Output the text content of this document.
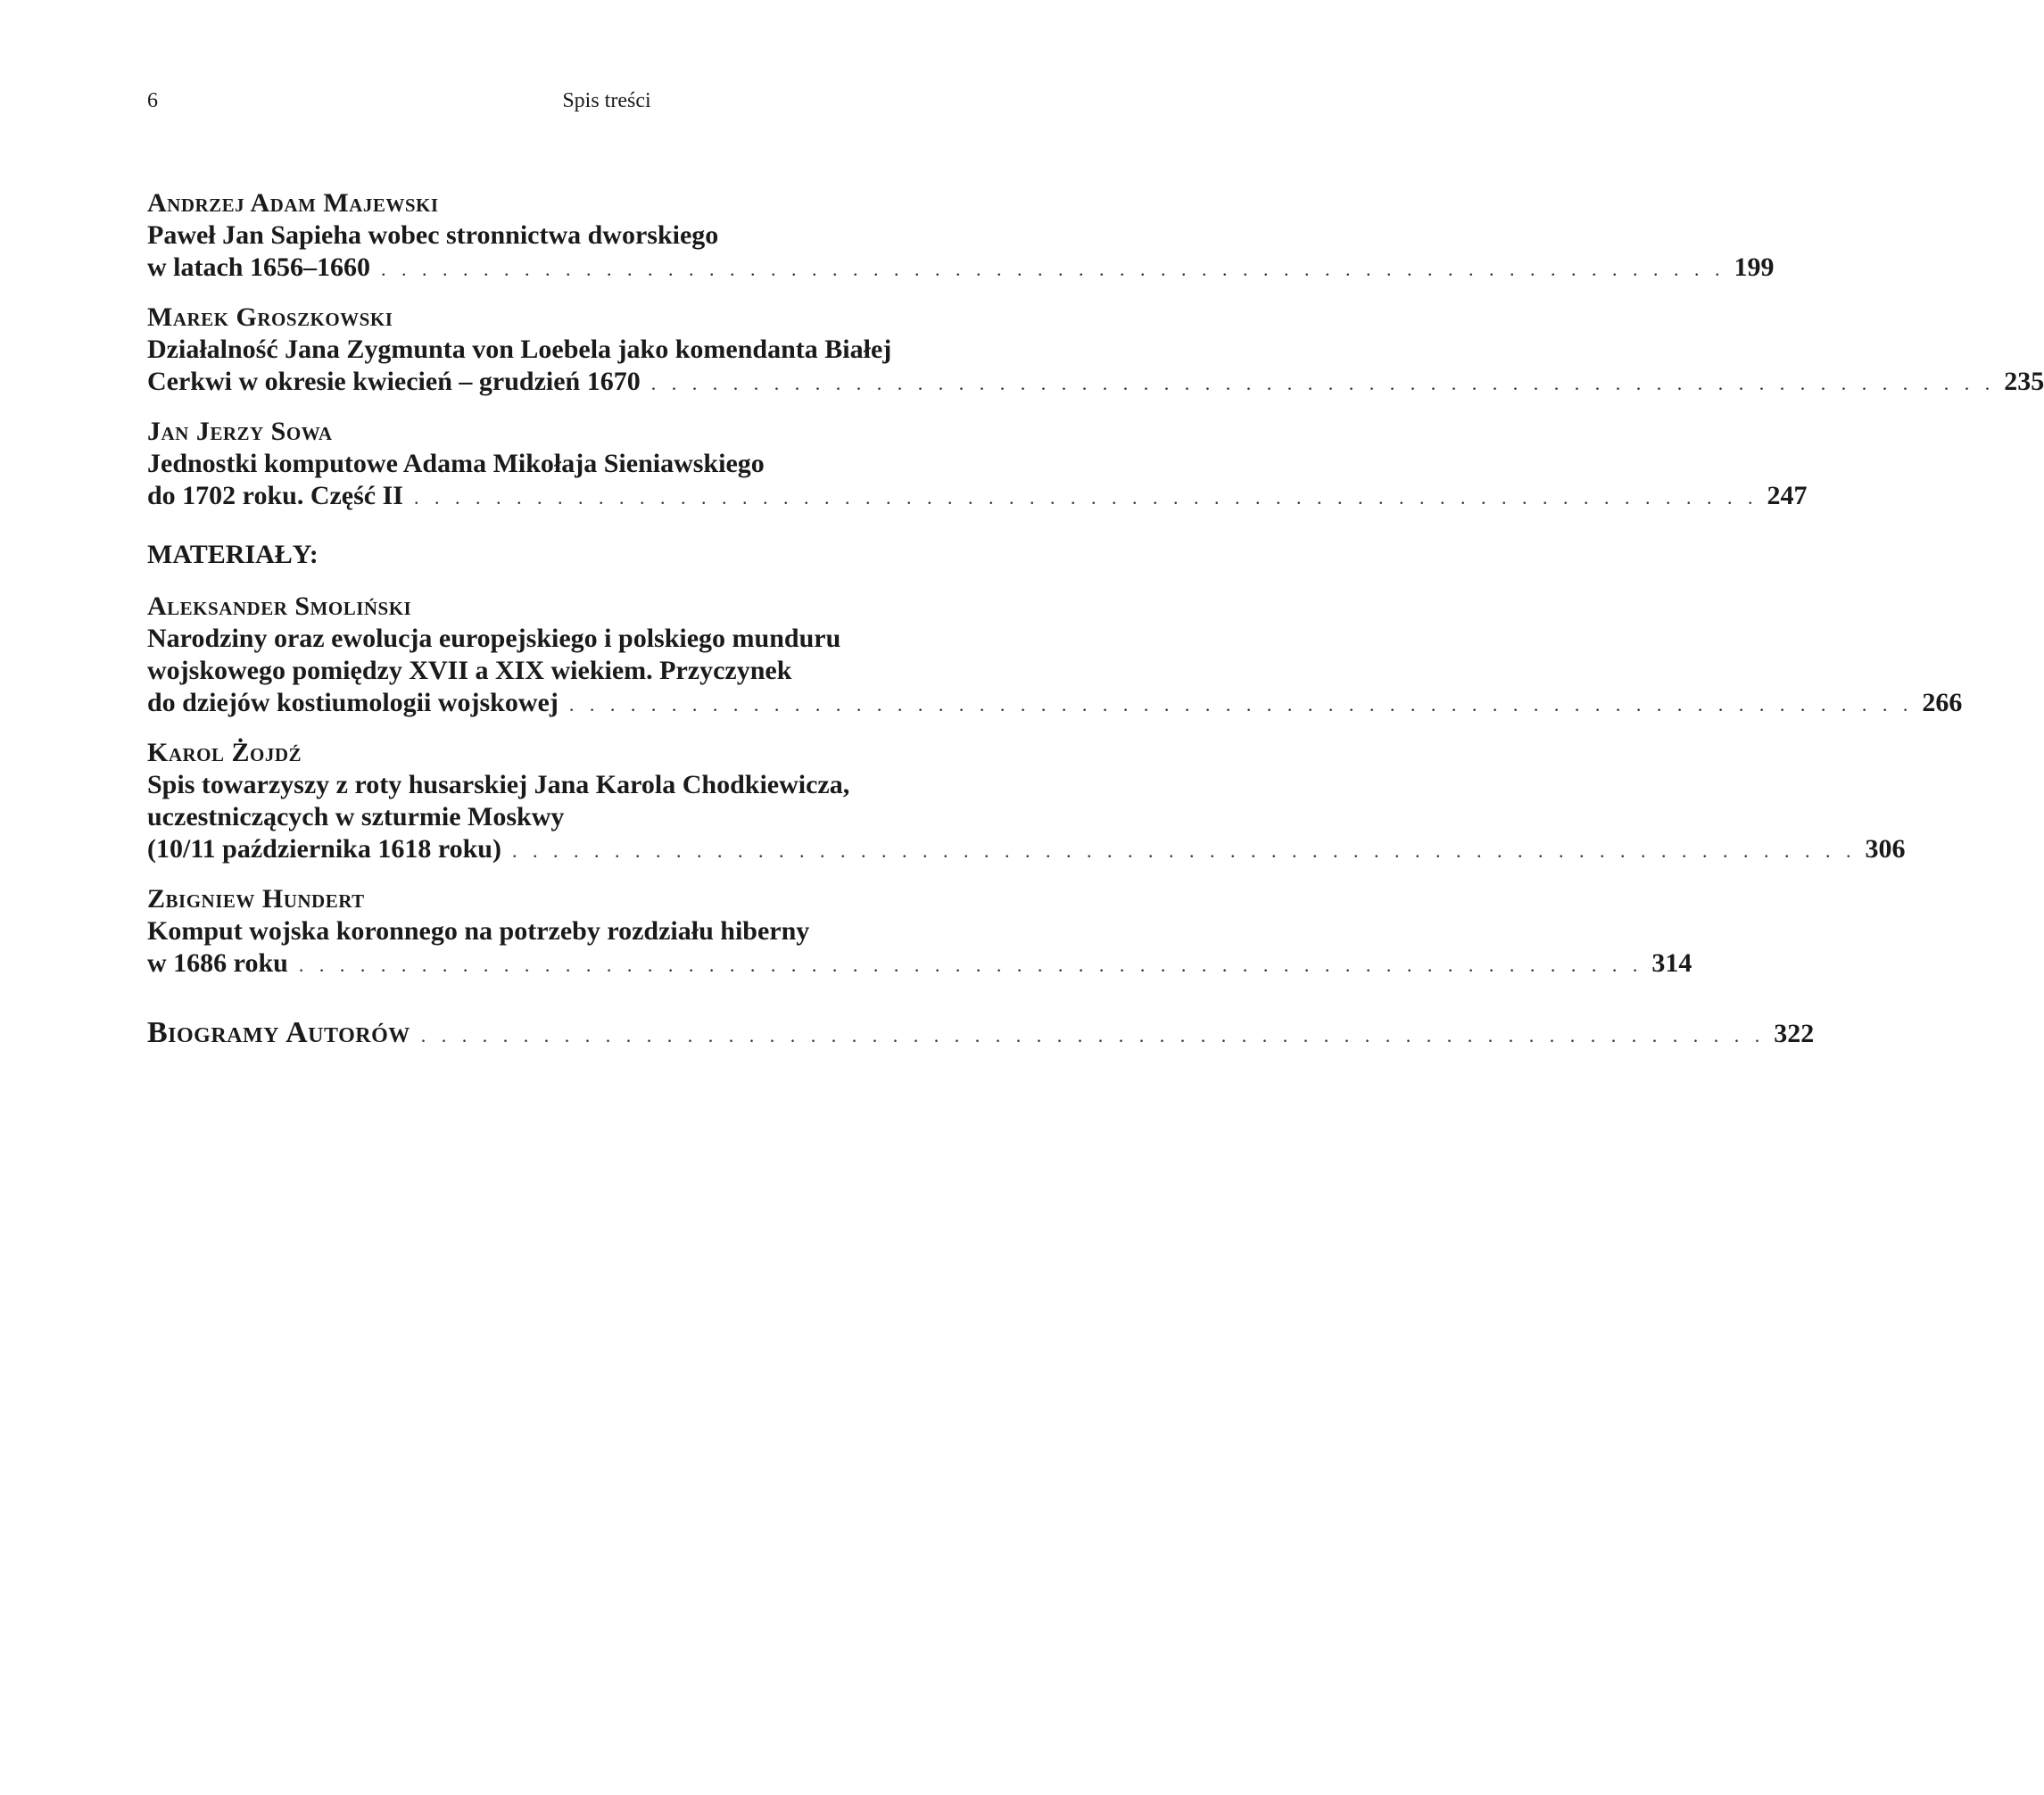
6	Spis treści
Andrzej Adam Majewski
Paweł Jan Sapieha wobec stronnictwa dworskiego
w latach 1656–1660 . . . . . . . . . . . . . . . . . . . . . . . . . . . . . . . . . . . . . . . . . . . . . . . . . . . . . . . . . . . . . . . . . . 199
Marek Groszkowski
Działalność Jana Zygmunta von Loebela jako komendanta Białej
Cerkwi w okresie kwiecień – grudzień 1670 . . . . . . . . . . . . . . . . . . . . . . . . . . . . . . . . . . . . . . . . . . . . . . . . . . . . . . . . . . . . . . . . . . 235
Jan Jerzy Sowa
Jednostki komputowe Adama Mikołaja Sieniawskiego
do 1702 roku. Część II . . . . . . . . . . . . . . . . . . . . . . . . . . . . . . . . . . . . . . . . . . . . . . . . . . . . . . . . . . . . . . . . . . 247
MATERIAŁY:
Aleksander Smoliński
Narodziny oraz ewolucja europejskiego i polskiego munduru
wojskowego pomiędzy XVII a XIX wiekiem. Przyczynek
do dziejów kostiumologii wojskowej . . . . . . . . . . . . . . . . . . . . . . . . . . . . . . . . . . . . . . . . . . . . . . . . . . . . . . . . . . . . . . . . . . 266
Karol Żojdź
Spis towarzyszy z roty husarskiej Jana Karola Chodkiewicza,
uczestniczących w szturmie Moskwy
(10/11 października 1618 roku) . . . . . . . . . . . . . . . . . . . . . . . . . . . . . . . . . . . . . . . . . . . . . . . . . . . . . . . . . . . . . . . . . . 306
Zbigniew Hundert
Komput wojska koronnego na potrzeby rozdziału hiberny
w 1686 roku . . . . . . . . . . . . . . . . . . . . . . . . . . . . . . . . . . . . . . . . . . . . . . . . . . . . . . . . . . . . . . . . . . 314
Biogramy Autorów . . . . . . . . . . . . . . . . . . . . . . . . . . . . . . . . . . . . . . . . . . . . . . . . . . . . . . . . . . . . . . . . . . 322
